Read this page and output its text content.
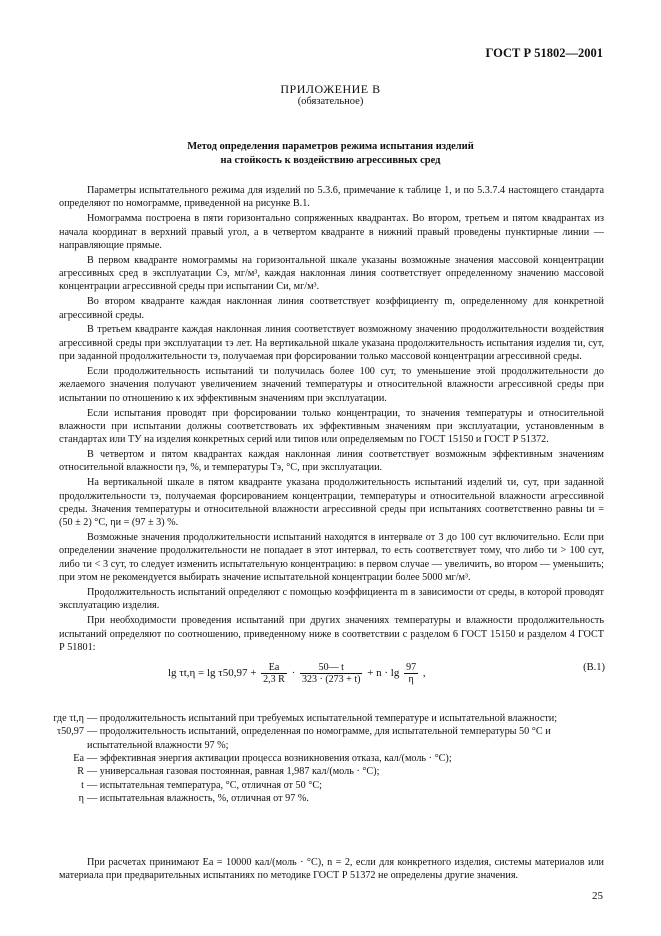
ГОСТ Р 51802—2001
ПРИЛОЖЕНИЕ В
(обязательное)
Метод определения параметров режима испытания изделий
на стойкость к воздействию агрессивных сред

Параметры испытательного режима для изделий по 5.3.6, примечание к таблице 1, и по 5.3.7.4 настоящего стандарта определяют по номограмме, приведенной на рисунке В.1.

Номограмма построена в пяти горизонтально сопряженных квадрантах. Во втором, третьем и пятом квадрантах из начала координат в верхний правый угол, а в четвертом квадранте в нижний правый проведены пунктирные линии — направляющие прямые.

В первом квадранте номограммы на горизонтальной шкале указаны возможные значения массовой концентрации агрессивных сред в эксплуатации Cэ, мг/м³, каждая наклонная линия соответствует определенному значению массовой концентрации агрессивной среды при испытании Cи, мг/м³.

Во втором квадранте каждая наклонная линия соответствует коэффициенту m, определенному для конкретной агрессивной среды.

В третьем квадранте каждая наклонная линия соответствует возможному значению продолжительности воздействия агрессивной среды при эксплуатации τэ лет. На вертикальной шкале указана продолжительность испытания изделия τи, сут, при заданной продолжительности τэ, получаемая при форсировании только массовой концентрации агрессивной среды.

Если продолжительность испытаний τи получилась более 100 сут, то уменьшение этой продолжительности до желаемого значения получают увеличением значений температуры и относительной влажности агрессивной среды при испытании по отношению к их эффективным значениям при эксплуатации.

Если испытания проводят при форсировании только концентрации, то значения температуры и относительной влажности при испытании должны соответствовать их эффективным значениям при эксплуатации, установленным в стандартах или ТУ на изделия конкретных серий или типов или определяемым по ГОСТ 15150 и ГОСТ Р 51372.

В четвертом и пятом квадрантах каждая наклонная линия соответствует возможным эффективным значениям относительной влажности ηэ, %, и температуры Tэ, °С, при эксплуатации.

На вертикальной шкале в пятом квадранте указана продолжительность испытаний изделий τи, сут, при заданной продолжительности τэ, получаемая форсированием концентрации, температуры и относительной влажности агрессивной среды. Значения температуры и относительной влажности агрессивной среды при испытаниях соответственно равны tи = (50 ± 2) °С, ηи = (97 ± 3) %.

Возможные значения продолжительности испытаний находятся в интервале от 3 до 100 сут включительно. Если при определении значение продолжительности не попадает в этот интервал, то есть соответствует тому, что либо τи > 100 сут, либо τи < 3 сут, то следует изменить испытательную концентрацию: в первом случае — увеличить, во втором — уменьшить; при этом не рекомендуется выбирать значение испытательной концентрации более 5000 мг/м³.

Продолжительность испытаний определяют с помощью коэффициента m в зависимости от среды, в которой проводят эксплуатацию изделия.

При необходимости проведения испытаний при других значениях температуры и влажности продолжительность испытаний определяют по соотношению, приведенному ниже в соответствии с разделом 6 ГОСТ 15150 и разделом 4 ГОСТ Р 51801:

$\lg \tau t,\eta = \lg \tau 50,97 + \frac{Eа}{2,3 R} \cdot \frac{50— t}{323 \cdot (273 + t)} + n \cdot \lg \frac{97}{\eta}$ ,	(В.1)
где τt,η — продолжительность испытаний при требуемых испытательной температуре и испытательной влажности;
τ50,97 — продолжительность испытаний, определенная по номограмме, для испытательной температуры 50 °С и испытательной влажности 97 %;
Eа — эффективная энергия активации процесса возникновения отказа, кал/(моль · °С);
R — универсальная газовая постоянная, равная 1,987 кал/(моль · °С);
t — испытательная температура, °С, отличная от 50 °С;
η — испытательная влажность, %, отличная от 97 %.

При расчетах принимают Eа = 10000 кал/(моль · °С), n = 2, если для конкретного изделия, системы материалов или материала при предварительных испытаниях по методике ГОСТ Р 51372 не определены другие значения.

25
